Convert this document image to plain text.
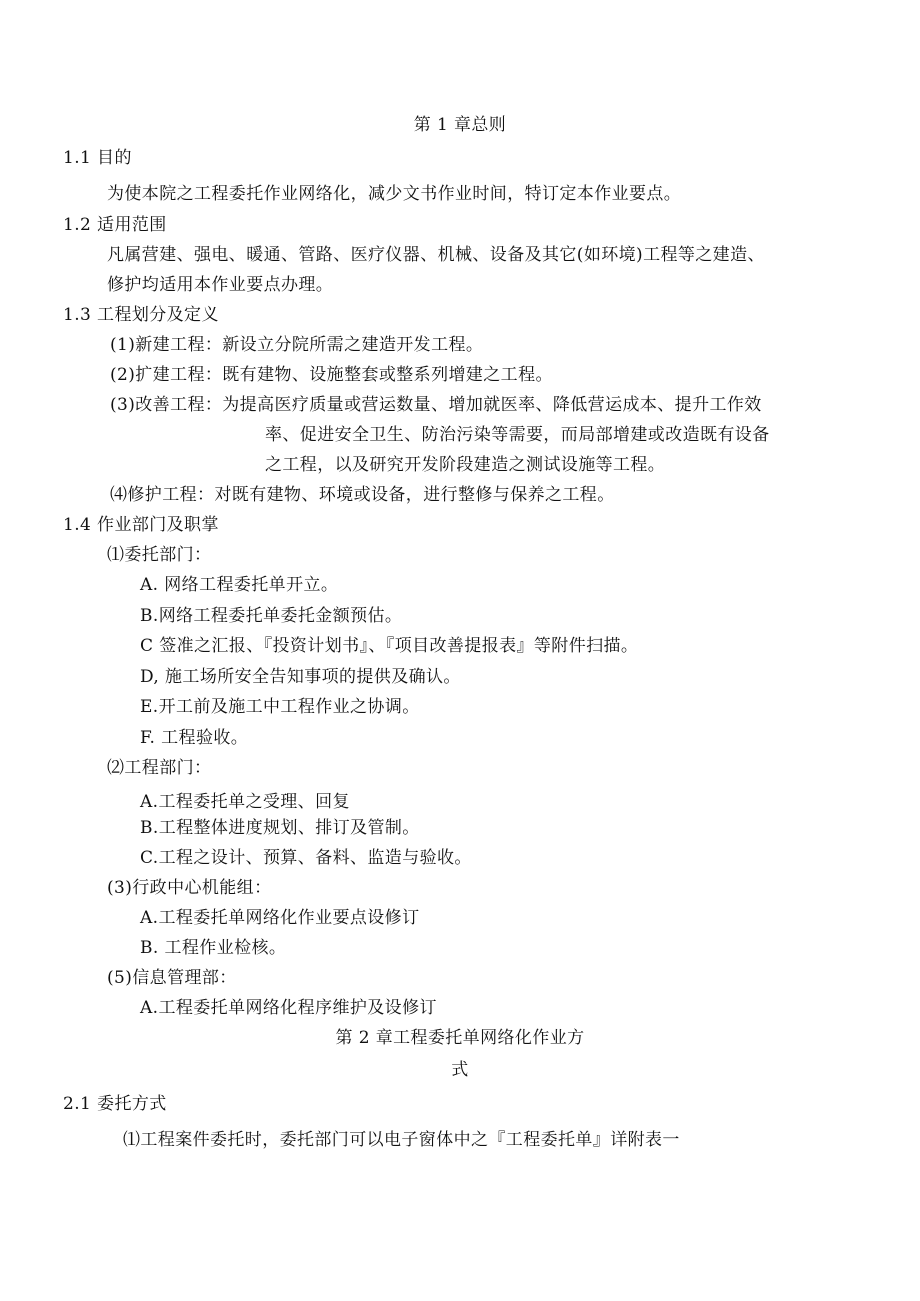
第 1 章总则
1.1 目的
为使本院之工程委托作业网络化，减少文书作业时间，特订定本作业要点。
1.2 适用范围
凡属营建、强电、暖通、管路、医疗仪器、机械、设备及其它(如环境)工程等之建造、
修护均适用本作业要点办理。
1.3 工程划分及定义
(1)新建工程：新设立分院所需之建造开发工程。
(2)扩建工程：既有建物、设施整套或整系列增建之工程。
(3)改善工程：为提高医疗质量或营运数量、增加就医率、降低营运成本、提升工作效
率、促进安全卫生、防治污染等需要，而局部增建或改造既有设备
之工程，以及研究开发阶段建造之测试设施等工程。
⑷修护工程：对既有建物、环境或设备，进行整修与保养之工程。
1.4 作业部门及职掌
⑴委托部门：
A. 网络工程委托单开立。
B.网络工程委托单委托金额预估。
C 签准之汇报、『投资计划书』、『项目改善提报表』等附件扫描。
D, 施工场所安全告知事项的提供及确认。
E.开工前及施工中工程作业之协调。
F. 工程验收。
⑵工程部门：
A.工程委托单之受理、回复
B.工程整体进度规划、排订及管制。
C.工程之设计、预算、备料、监造与验收。
(3)行政中心机能组：
A.工程委托单网络化作业要点设修订
B. 工程作业检核。
(5)信息管理部：
A.工程委托单网络化程序维护及设修订
第 2 章工程委托单网络化作业方
式
2.1 委托方式
⑴工程案件委托时，委托部门可以电子窗体中之『工程委托单』详附表一
